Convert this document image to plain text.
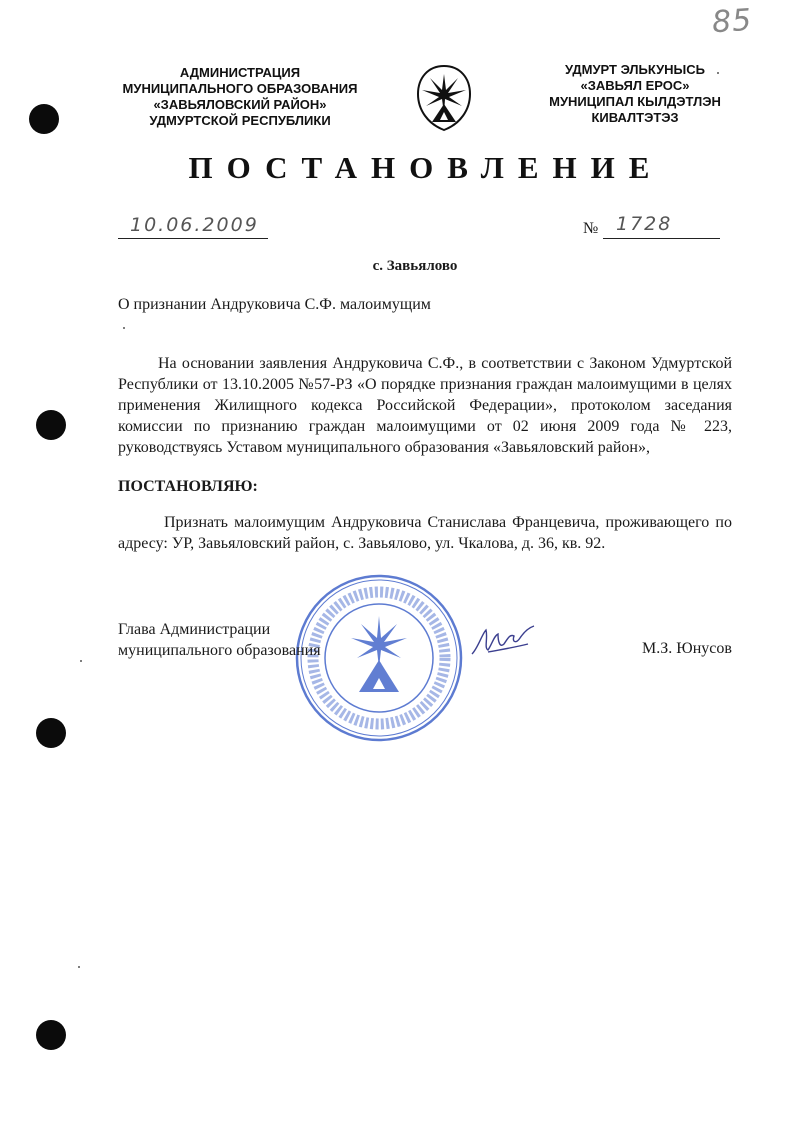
85
АДМИНИСТРАЦИЯ
МУНИЦИПАЛЬНОГО ОБРАЗОВАНИЯ
«ЗАВЬЯЛОВСКИЙ РАЙОН»
УДМУРТСКОЙ РЕСПУБЛИКИ
УДМУРТ ЭЛЬКУНЫСЬ
«ЗАВЬЯЛ ЕРОС»
МУНИЦИПАЛ КЫЛДЭТЛЭН
КИВАЛТЭТЭЗ
ПОСТАНОВЛЕНИЕ
10.06.2009	№ 1728
с. Завьялово
О признании Андруковича С.Ф. малоимущим
На основании заявления Андруковича С.Ф., в соответствии с Законом Удмуртской Республики от 13.10.2005 №57-РЗ «О порядке признания граждан малоимущими в целях применения Жилищного кодекса Российской Федерации», протоколом заседания комиссии по признанию граждан малоимущими от 02 июня 2009 года № 223, руководствуясь Уставом муниципального образования «Завьяловский район»,
ПОСТАНОВЛЯЮ:
Признать малоимущим Андруковича Станислава Францевича, проживающего по адресу: УР, Завьяловский район, с. Завьялово, ул. Чкалова, д. 36, кв. 92.
Глава Администрации
муниципального образования	М.З. Юнусов
